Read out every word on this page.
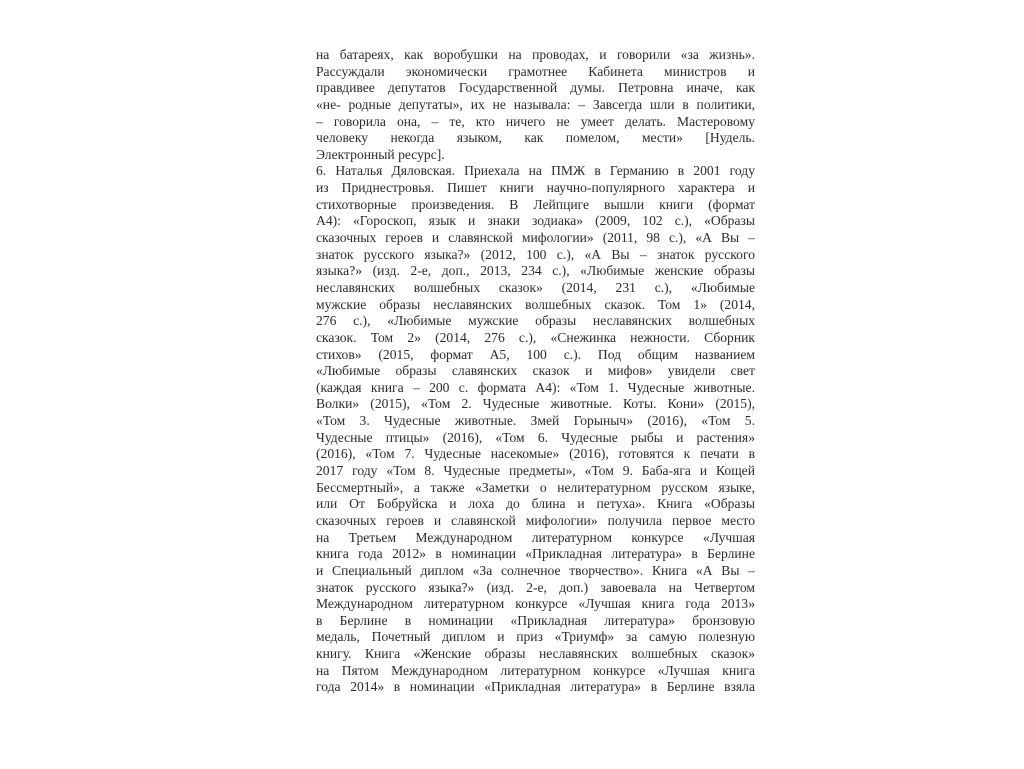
на батареях, как воробушки на проводах, и говорили «за жизнь».
Рассуждали экономически грамотнее Кабинета министров и
правдивее депутатов Государственной думы. Петровна иначе, как
«не- родные депутаты», их не называла: – Завсегда шли в политики,
– говорила она, – те, кто ничего не умеет делать. Мастеровому
человеку некогда языком, как помелом, мести» [Нудель.
Электронный ресурс].
6. Наталья Дяловская. Приехала на ПМЖ в Германию в 2001 году
из Приднестровья. Пишет книги научно-популярного характера и
стихотворные произведения. В Лейпциге вышли книги (формат
А4): «Гороскоп, язык и знаки зодиака» (2009, 102 с.), «Образы
сказочных героев и славянской мифологии» (2011, 98 с.), «А Вы –
знаток русского языка?» (2012, 100 с.), «А Вы – знаток русского
языка?» (изд. 2-е, доп., 2013, 234 с.), «Любимые женские образы
неславянских волшебных сказок» (2014, 231 с.), «Любимые
мужские образы неславянских волшебных сказок. Том 1» (2014,
276 с.), «Любимые мужские образы неславянских волшебных
сказок. Том 2» (2014, 276 с.), «Снежинка нежности. Сборник
стихов» (2015, формат А5, 100 с.). Под общим названием
«Любимые образы славянских сказок и мифов» увидели свет
(каждая книга – 200 с. формата А4): «Том 1. Чудесные животные.
Волки» (2015), «Том 2. Чудесные животные. Коты. Кони» (2015),
«Том 3. Чудесные животные. Змей Горыныч» (2016), «Том 5.
Чудесные птицы» (2016), «Том 6. Чудесные рыбы и растения»
(2016), «Том 7. Чудесные насекомые» (2016), готовятся к печати в
2017 году «Том 8. Чудесные предметы», «Том 9. Баба-яга и Кощей
Бессмертный», а также «Заметки о нелитературном русском языке,
или От Бобруйска и лоха до блина и петуха». Книга «Образы
сказочных героев и славянской мифологии» получила первое место
на Третьем Международном литературном конкурсе «Лучшая
книга года 2012» в номинации «Прикладная литература» в Берлине
и Специальный диплом «За солнечное творчество». Книга «А Вы –
знаток русского языка?» (изд. 2-е, доп.) завоевала на Четвертом
Международном литературном конкурсе «Лучшая книга года 2013»
в Берлине в номинации «Прикладная литература» бронзовую
медаль, Почетный диплом и приз «Триумф» за самую полезную
книгу. Книга «Женские образы неславянских волшебных сказок»
на Пятом Международном литературном конкурсе «Лучшая книга
года 2014» в номинации «Прикладная литература» в Берлине взяла
